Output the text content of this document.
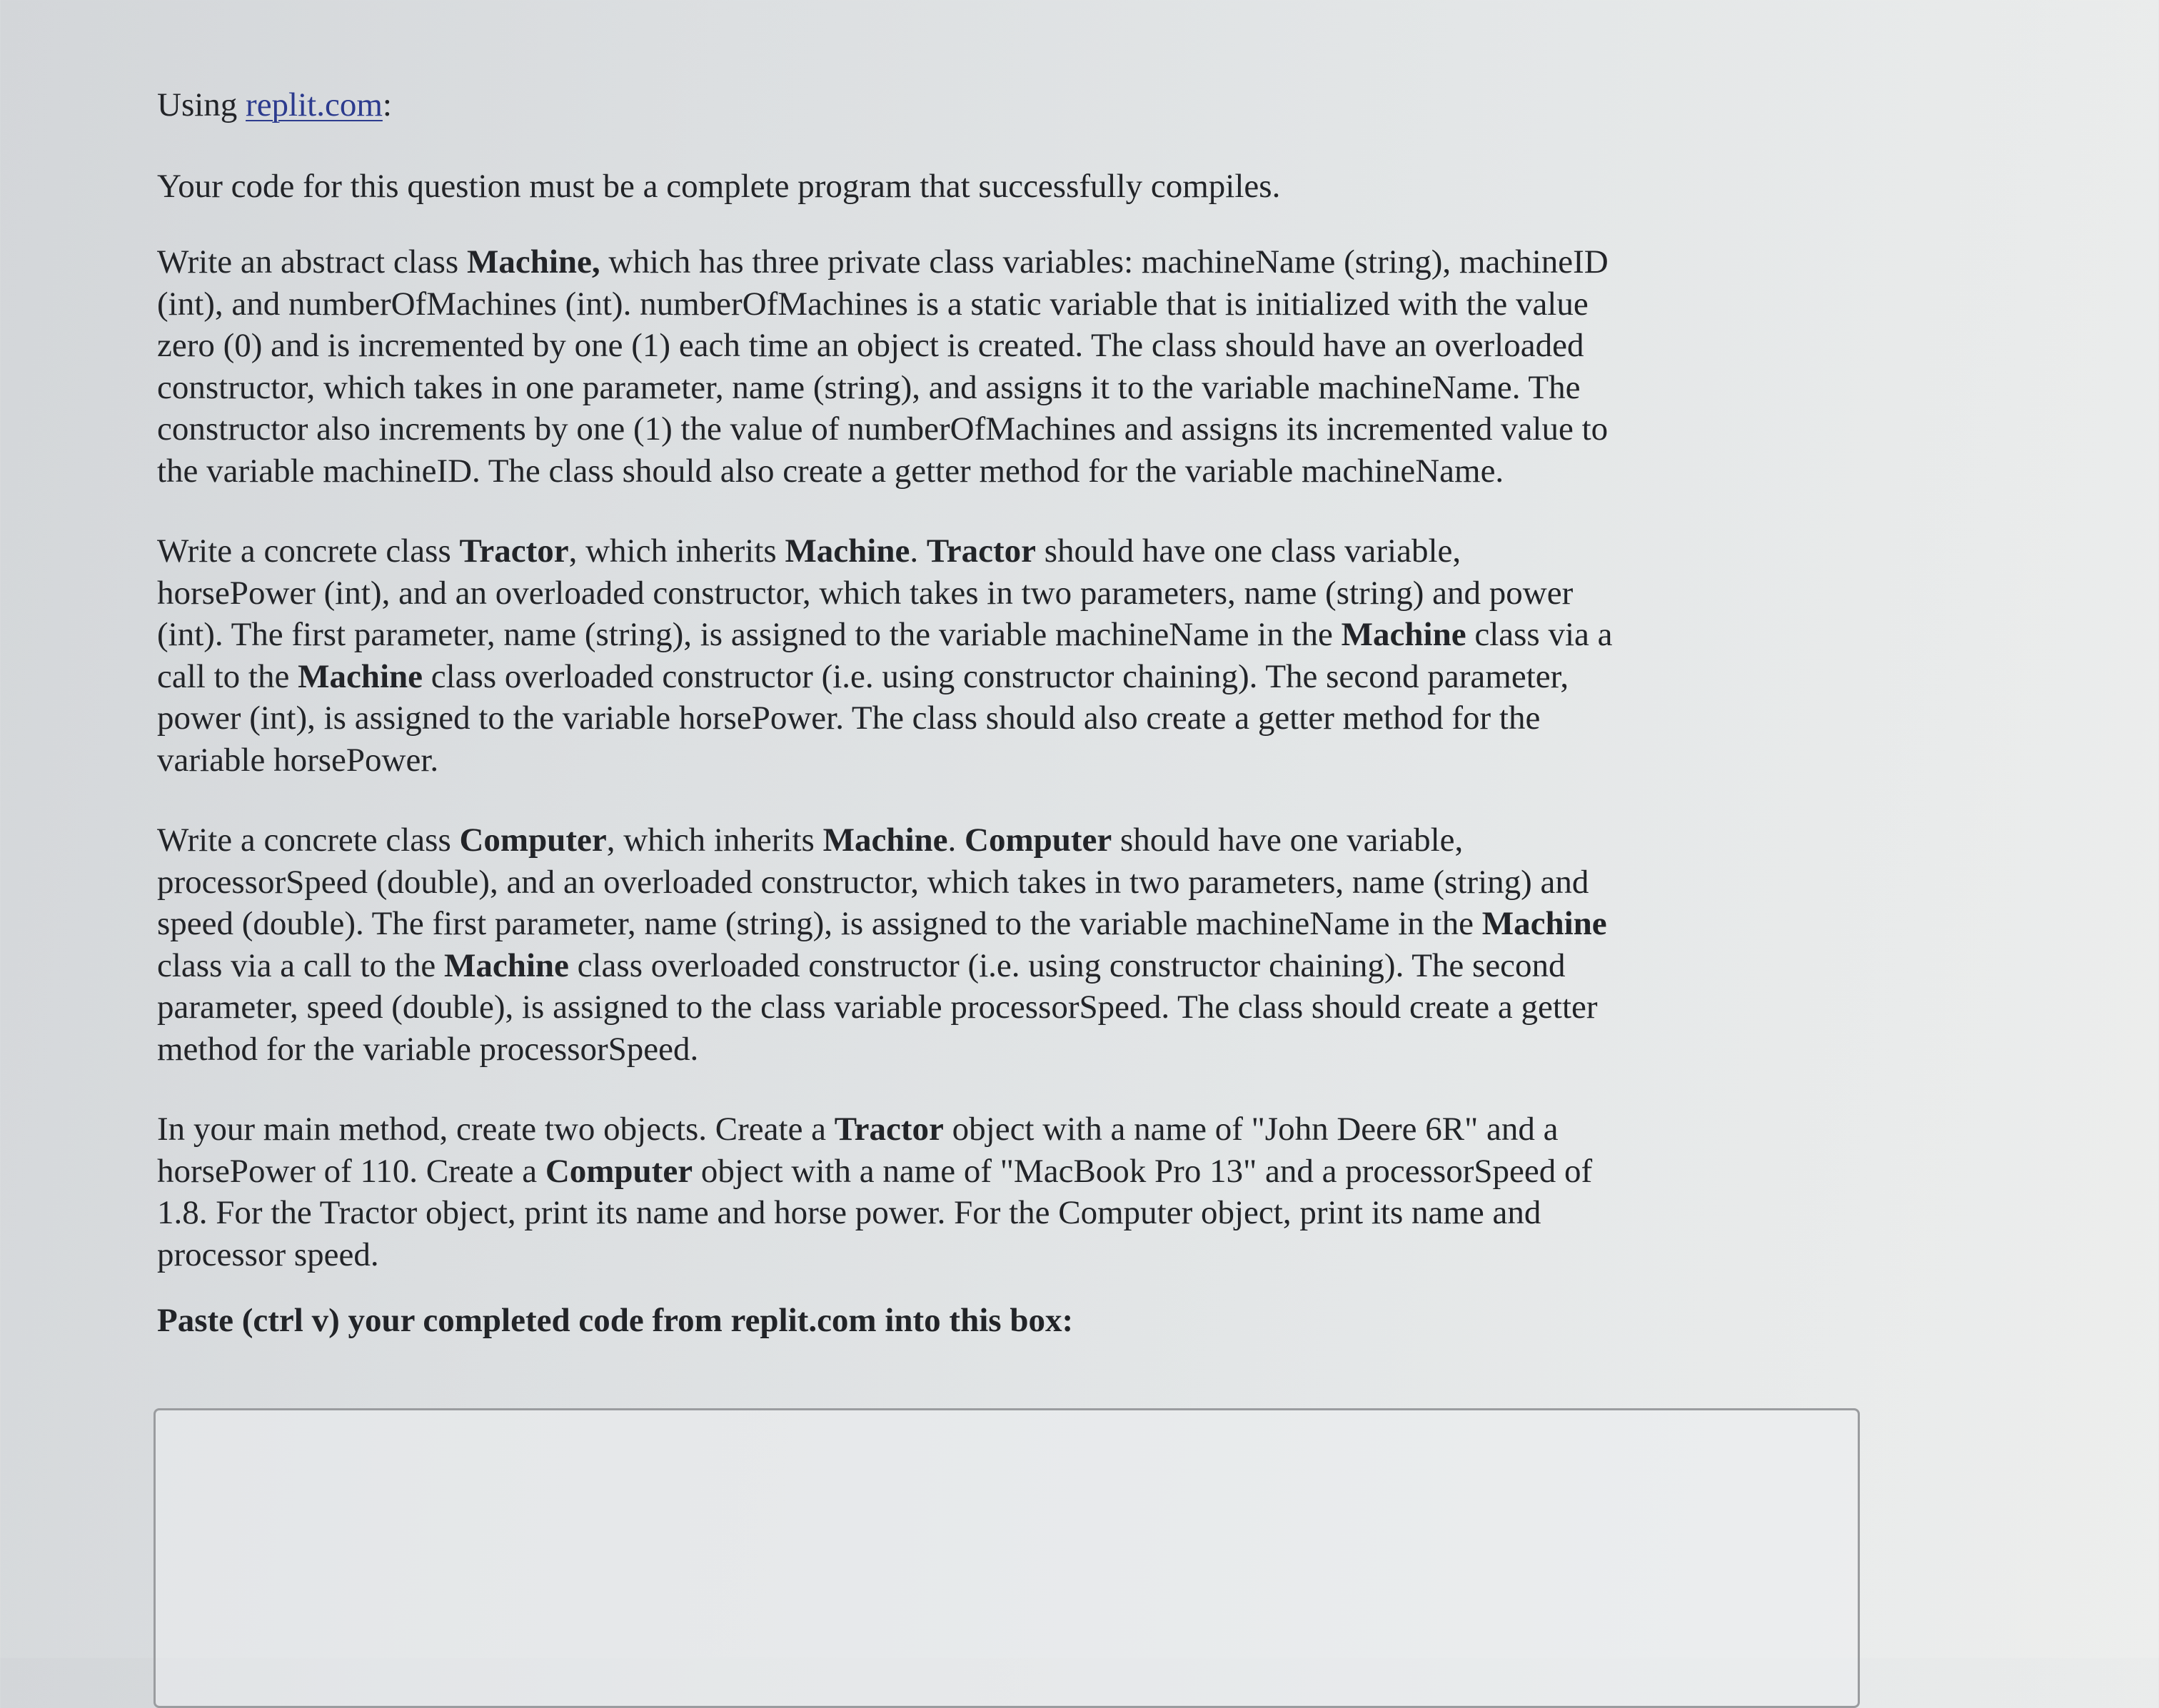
Using replit.com:

Your code for this question must be a complete program that successfully compiles.

Write an abstract class Machine, which has three private class variables: machineName (string), machineID
(int), and numberOfMachines (int). numberOfMachines is a static variable that is initialized with the value
zero (0) and is incremented by one (1) each time an object is created. The class should have an overloaded
constructor, which takes in one parameter, name (string), and assigns it to the variable machineName. The
constructor also increments by one (1) the value of numberOfMachines and assigns its incremented value to
the variable machineID. The class should also create a getter method for the variable machineName.
Write a concrete class Tractor, which inherits Machine. Tractor should have one class variable,
horsePower (int), and an overloaded constructor, which takes in two parameters, name (string) and power
(int). The first parameter, name (string), is assigned to the variable machineName in the Machine class via a
call to the Machine class overloaded constructor (i.e. using constructor chaining). The second parameter,
power (int), is assigned to the variable horsePower. The class should also create a getter method for the
variable horsePower.
Write a concrete class Computer, which inherits Machine. Computer should have one variable,
processorSpeed (double), and an overloaded constructor, which takes in two parameters, name (string) and
speed (double). The first parameter, name (string), is assigned to the variable machineName in the Machine
class via a call to the Machine class overloaded constructor (i.e. using constructor chaining). The second
parameter, speed (double), is assigned to the class variable processorSpeed. The class should create a getter
method for the variable processorSpeed.
In your main method, create two objects. Create a Tractor object with a name of "John Deere 6R" and a
horsePower of 110. Create a Computer object with a name of "MacBook Pro 13" and a processorSpeed of
1.8. For the Tractor object, print its name and horse power. For the Computer object, print its name and
processor speed.

Paste (ctrl v) your completed code from replit.com into this box:
